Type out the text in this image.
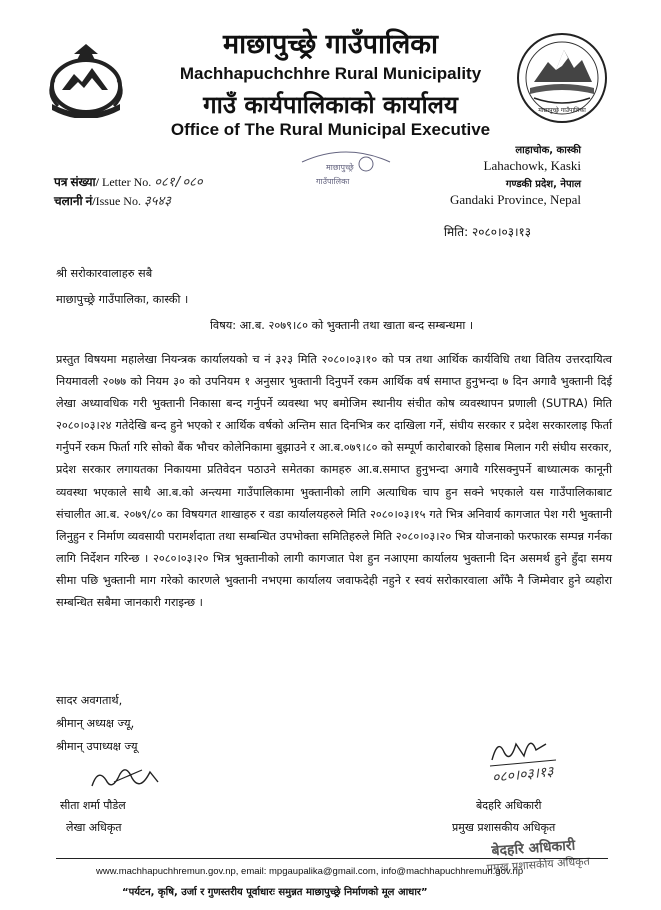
माछापुच्छ्रे गाउँपालिका
माछापुच्छ्रे गाउँपालिका
Machhapuchchhre Rural Municipality
गाउँ कार्यपालिकाको कार्यालय
Office of The Rural Municipal Executive
लाहाचोक, कास्की
Lahachowk, Kaski
गण्डकी प्रदेश, नेपाल
Gandaki Province, Nepal
पत्र संख्या/ Letter No. ०८१/०८०
चलानी नं/Issue No. ३५४३
माछापुच्छ्रे
गाउँपालिका
मिति: २०८०।०३।१३
श्री सरोकारवालाहरु सबै
माछापुच्छ्रे गाउँपालिका, कास्की ।
विषय: आ.ब. २०७९।८० को भुक्तानी तथा खाता बन्द सम्बन्धमा ।
प्रस्तुत विषयमा महालेखा नियन्त्रक कार्यालयको च नं ३२३ मिति २०८०।०३।१० को पत्र तथा आर्थिक कार्यविधि तथा वितिय उत्तरदायित्व नियमावली २०७७ को नियम ३० को उपनियम १ अनुसार भुक्तानी दिनुपर्ने रकम आर्थिक वर्ष समाप्त हुनुभन्दा ७ दिन अगावै भुक्तानी दिई लेखा अध्यावधिक गरी भुक्तानी निकासा बन्द गर्नुपर्ने व्यवस्था भए बमोजिम स्थानीय संचीत कोष व्यवस्थापन प्रणाली (SUTRA) मिति २०८०।०३।२४ गतेदेखि बन्द हुने भएको र आर्थिक वर्षको अन्तिम सात दिनभित्र कर दाखिला गर्ने, संघीय सरकार र प्रदेश सरकारलाइ फिर्ता गर्नुपर्ने रकम फिर्ता गरि सोको बैंक भौचर कोलेनिकामा बुझाउने र आ.ब.०७९।८० को सम्पूर्ण कारोबारको हिसाब मिलान गरी संघीय सरकार, प्रदेश सरकार लगायतका निकायमा प्रतिवेदन पठाउने समेतका कामहरु आ.ब.समाप्त हुनुभन्दा अगावै गरिसक्नुपर्ने बाध्यात्मक कानूनी व्यवस्था भएकाले साथै आ.ब.को अन्त्यमा गाउँपालिकामा भुक्तानीको लागि अत्याधिक चाप हुन सक्ने भएकाले यस गाउँपालिकाबाट संचालीत आ.ब. २०७९/८० का विषयगत शाखाहरु र वडा कार्यालयहरुले मिति २०८०।०३।१५ गते भित्र अनिवार्य कागजात पेश गरी भुक्तानी लिनुहुन र निर्माण व्यवसायी परामर्शदाता तथा सम्बन्धित उपभोक्ता समितिहरुले मिति २०८०।०३।२० भित्र योजनाको फरफारक सम्पन्न गर्नका लागि निर्देशन गरिन्छ । २०८०।०३।२० भित्र भुक्तानीको लागी कागजात पेश हुन नआएमा कार्यालय भुक्तानी दिन असमर्थ हुने हुँदा समय सीमा पछि भुक्तानी माग गरेको कारणले भुक्तानी नभएमा कार्यालय जवाफदेही नहुने र स्वयं सरोकारवाला आँफै नै जिम्मेवार हुने व्यहोरा सम्बन्धित सबैमा जानकारी गराइन्छ ।
सादर अवगतार्थ,
श्रीमान् अध्यक्ष ज्यू,
श्रीमान् उपाध्यक्ष ज्यू
सीता शर्मा पौडेल
लेखा अधिकृत
०८०।०३।१३
बेदहरि अधिकारी
प्रमुख प्रशासकीय अधिकृत
बेदहरि अधिकारी
प्रमुख प्रशासकीय अधिकृत
www.machhapuchhremun.gov.np, email: mpgaupalika@gmail.com, info@machhapuchhremun.gov.np
“पर्यटन, कृषि, उर्जा र गुणस्तरीय पूर्वाधारः समुन्नत माछापुच्छ्रे निर्माणको मूल आधार”
